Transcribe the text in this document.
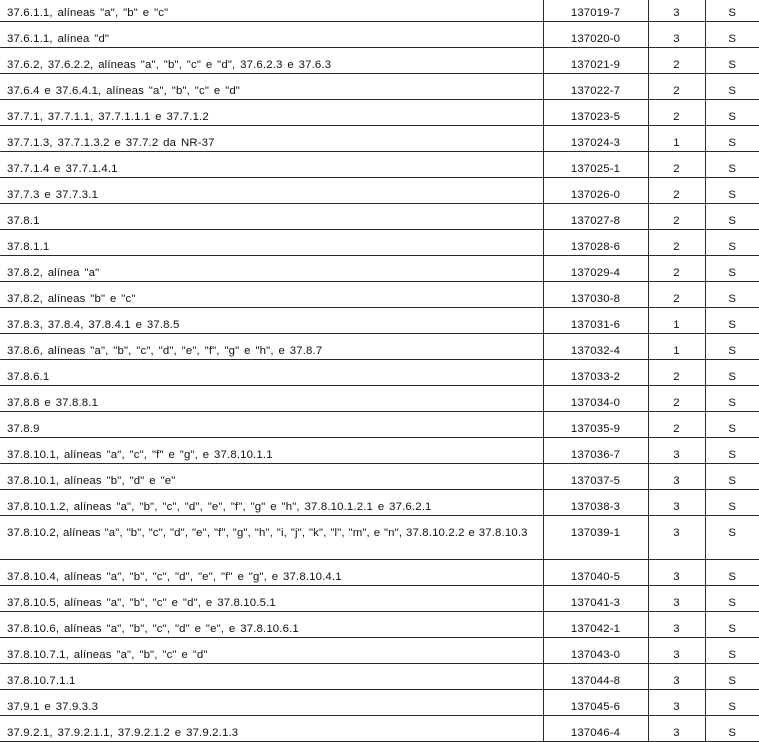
37.6.1.1, alíneas "a", "b" e "c"	137019-7	3	S
37.6.1.1, alínea "d"	137020-0	3	S
37.6.2, 37.6.2.2, alíneas "a", "b", "c" e "d", 37.6.2.3 e 37.6.3	137021-9	2	S
37.6.4 e 37.6.4.1, alíneas "a", "b", "c" e "d"	137022-7	2	S
37.7.1, 37.7.1.1, 37.7.1.1.1 e 37.7.1.2	137023-5	2	S
37.7.1.3, 37.7.1.3.2 e 37.7.2 da NR-37	137024-3	1	S
37.7.1.4 e 37.7.1.4.1	137025-1	2	S
37.7.3 e 37.7.3.1	137026-0	2	S
37.8.1	137027-8	2	S
37.8.1.1	137028-6	2	S
37.8.2, alínea "a"	137029-4	2	S
37.8.2, alíneas "b" e "c"	137030-8	2	S
37.8.3, 37.8.4, 37.8.4.1 e 37.8.5	137031-6	1	S
37.8.6, alíneas "a", "b", "c", "d", "e", "f", "g" e "h", e 37.8.7	137032-4	1	S
37.8.6.1	137033-2	2	S
37.8.8 e 37.8.8.1	137034-0	2	S
37.8.9	137035-9	2	S
37.8.10.1, alíneas "a", "c", "f" e "g", e 37.8.10.1.1	137036-7	3	S
37.8.10.1, alíneas "b", "d" e "e"	137037-5	3	S
37.8.10.1.2, alíneas "a", "b", "c", "d", "e", "f", "g" e "h", 37.8.10.1.2.1 e 37.6.2.1	137038-3	3	S
37.8.10.2, alíneas "a", "b", "c", "d", "e", "f", "g", "h", "i, "j", "k", "l", "m", e "n", 37.8.10.2.2 e 37.8.10.3	137039-1	3	S
37.8.10.4, alíneas "a", "b", "c", "d", "e", "f" e "g", e 37.8.10.4.1	137040-5	3	S
37.8.10.5, alíneas "a", "b", "c" e "d", e 37.8.10.5.1	137041-3	3	S
37.8.10.6, alíneas "a", "b", "c", "d" e "e", e 37.8.10.6.1	137042-1	3	S
37.8.10.7.1, alíneas "a", "b", "c" e "d"	137043-0	3	S
37.8.10.7.1.1	137044-8	3	S
37.9.1 e 37.9.3.3	137045-6	3	S
37.9.2.1, 37.9.2.1.1, 37.9.2.1.2 e 37.9.2.1.3	137046-4	3	S
